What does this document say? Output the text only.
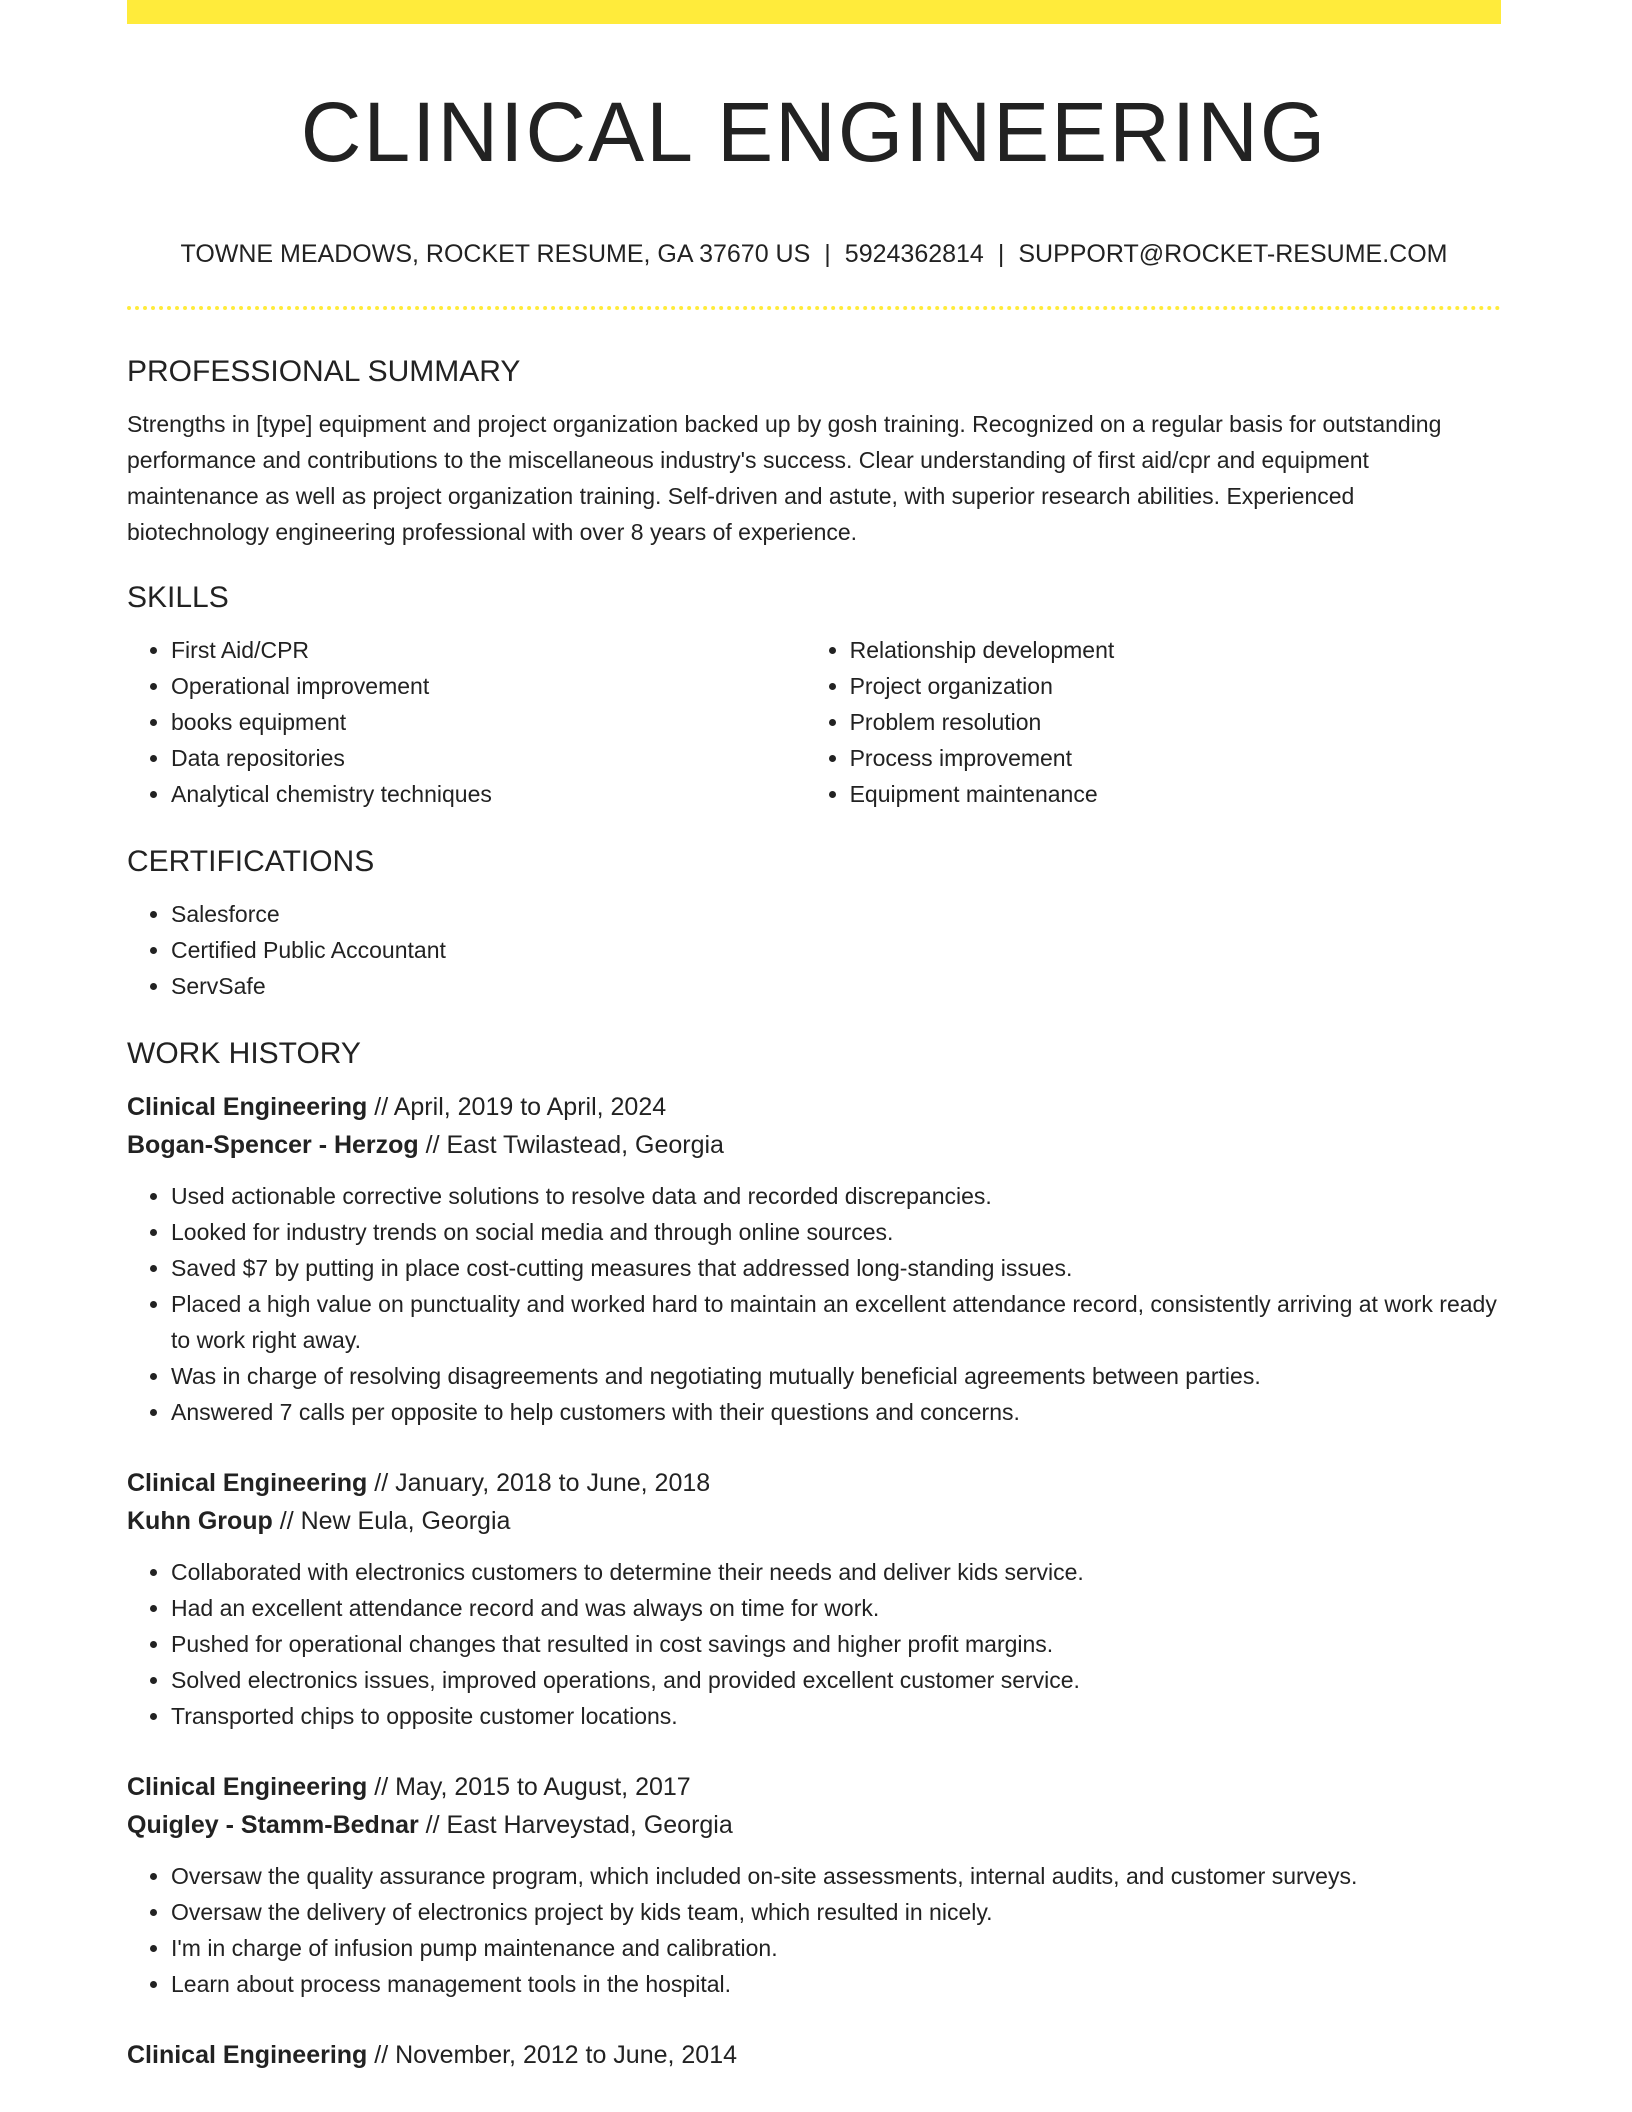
CLINICAL ENGINEERING
TOWNE MEADOWS, ROCKET RESUME, GA 37670 US | 5924362814 | SUPPORT@ROCKET-RESUME.COM
PROFESSIONAL SUMMARY

Strengths in [type] equipment and project organization backed up by gosh training. Recognized on a regular basis for outstanding performance and contributions to the miscellaneous industry's success. Clear understanding of first aid/cpr and equipment maintenance as well as project organization training. Self-driven and astute, with superior research abilities. Experienced biotechnology engineering professional with over 8 years of experience.

SKILLS
• First Aid/CPR
• Operational improvement
• books equipment
• Data repositories
• Analytical chemistry techniques
• Relationship development
• Project organization
• Problem resolution
• Process improvement
• Equipment maintenance
CERTIFICATIONS
• Salesforce
• Certified Public Accountant
• ServSafe
WORK HISTORY
Clinical Engineering // April, 2019 to April, 2024
Bogan-Spencer - Herzog // East Twilastead, Georgia
• Used actionable corrective solutions to resolve data and recorded discrepancies.
• Looked for industry trends on social media and through online sources.
• Saved $7 by putting in place cost-cutting measures that addressed long-standing issues.
• Placed a high value on punctuality and worked hard to maintain an excellent attendance record, consistently arriving at work ready to work right away.
• Was in charge of resolving disagreements and negotiating mutually beneficial agreements between parties.
• Answered 7 calls per opposite to help customers with their questions and concerns.
Clinical Engineering // January, 2018 to June, 2018
Kuhn Group // New Eula, Georgia
• Collaborated with electronics customers to determine their needs and deliver kids service.
• Had an excellent attendance record and was always on time for work.
• Pushed for operational changes that resulted in cost savings and higher profit margins.
• Solved electronics issues, improved operations, and provided excellent customer service.
• Transported chips to opposite customer locations.
Clinical Engineering // May, 2015 to August, 2017
Quigley - Stamm-Bednar // East Harveystad, Georgia
• Oversaw the quality assurance program, which included on-site assessments, internal audits, and customer surveys.
• Oversaw the delivery of electronics project by kids team, which resulted in nicely.
• I'm in charge of infusion pump maintenance and calibration.
• Learn about process management tools in the hospital.
Clinical Engineering // November, 2012 to June, 2014
